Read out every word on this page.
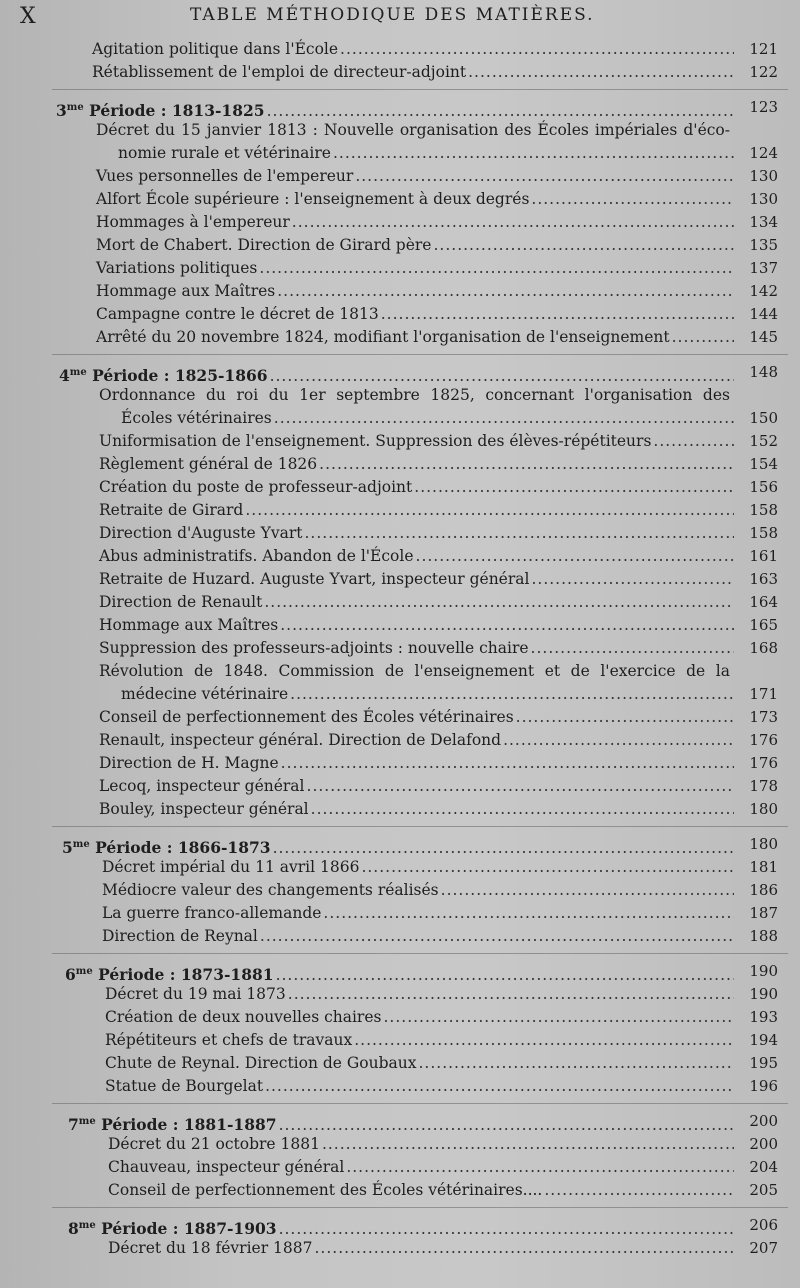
X	TABLE MÉTHODIQUE DES MATIÈRES.
Agitation politique dans l'École .....	121
Rétablissement de l'emploi de directeur-adjoint .....	122
$3^{me}$ Période : 1813-1825 .....	123
Décret du 15 janvier 1813 : Nouvelle organisation des Écoles impériales d'éco-
nomie rurale et vétérinaire .....	124
Vues personnelles de l'empereur .....	130
Alfort École supérieure : l'enseignement à deux degrés .....	130
Hommages à l'empereur .....	134
Mort de Chabert. Direction de Girard père .....	135
Variations politiques .....	137
Hommage aux Maîtres .....	142
Campagne contre le décret de 1813 .....	144
Arrêté du 20 novembre 1824, modifiant l'organisation de l'enseignement .....	145
$4^{me}$ Période : 1825-1866 .....	148
Ordonnance du roi du 1er septembre 1825, concernant l'organisation des
Écoles vétérinaires .....	150
Uniformisation de l'enseignement. Suppression des élèves-répétiteurs .....	152
Règlement général de 1826 .....	154
Création du poste de professeur-adjoint .....	156
Retraite de Girard .....	158
Direction d'Auguste Yvart .....	158
Abus administratifs. Abandon de l'École .....	161
Retraite de Huzard. Auguste Yvart, inspecteur général .....	163
Direction de Renault .....	164
Hommage aux Maîtres .....	165
Suppression des professeurs-adjoints : nouvelle chaire .....	168
Révolution de 1848. Commission de l'enseignement et de l'exercice de la
médecine vétérinaire .....	171
Conseil de perfectionnement des Écoles vétérinaires .....	173
Renault, inspecteur général. Direction de Delafond .....	176
Direction de H. Magne .....	176
Lecoq, inspecteur général .....	178
Bouley, inspecteur général .....	180
$5^{me}$ Période : 1866-1873 .....	180
Décret impérial du 11 avril 1866 .....	181
Médiocre valeur des changements réalisés .....	186
La guerre franco-allemande .....	187
Direction de Reynal .....	188
$6^{me}$ Période : 1873-1881 .....	190
Décret du 19 mai 1873 .....	190
Création de deux nouvelles chaires .....	193
Répétiteurs et chefs de travaux .....	194
Chute de Reynal. Direction de Goubaux .....	195
Statue de Bourgelat .....	196
$7^{me}$ Période : 1881-1887 .....	200
Décret du 21 octobre 1881 .....	200
Chauveau, inspecteur général .....	204
Conseil de perfectionnement des Écoles vétérinaires.... .....	205
$8^{me}$ Période : 1887-1903 .....	206
Décret du 18 février 1887 .....	207
